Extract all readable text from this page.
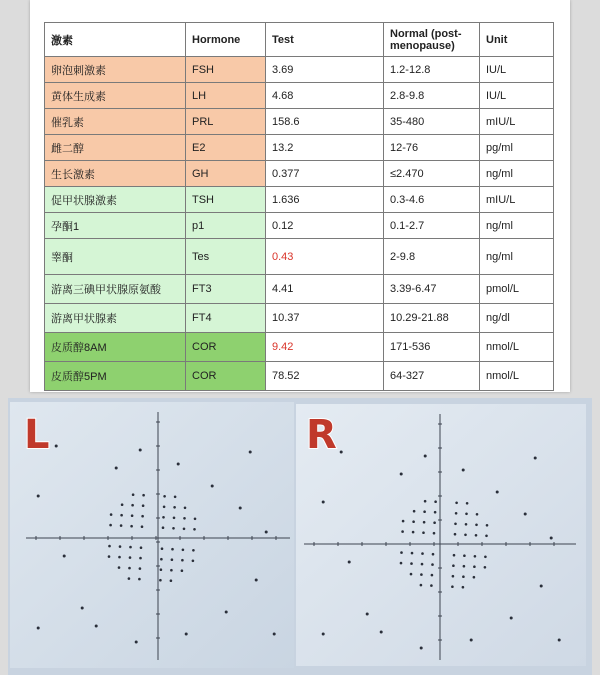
激素	Hormone	Test	Normal (post-menopause)	Unit
卵泡刺激素	FSH	3.69	1.2-12.8	IU/L
黄体生成素	LH	4.68	2.8-9.8	IU/L
催乳素	PRL	158.6	35-480	mIU/L
雌二醇	E2	13.2	12-76	pg/ml
生长激素	GH	0.377	≤2.470	ng/ml
促甲状腺激素	TSH	1.636	0.3-4.6	mIU/L
孕酮1	p1	0.12	0.1-2.7	ng/ml
睾酮	Tes	0.43	2-9.8	ng/ml
游离三碘甲状腺原氨酸	FT3	4.41	3.39-6.47	pmol/L
游离甲状腺素	FT4	10.37	10.29-21.88	ng/dl
皮质醇8AM	COR	9.42	171-536	nmol/L
皮质醇5PM	COR	78.52	64-327	nmol/L
L	R
